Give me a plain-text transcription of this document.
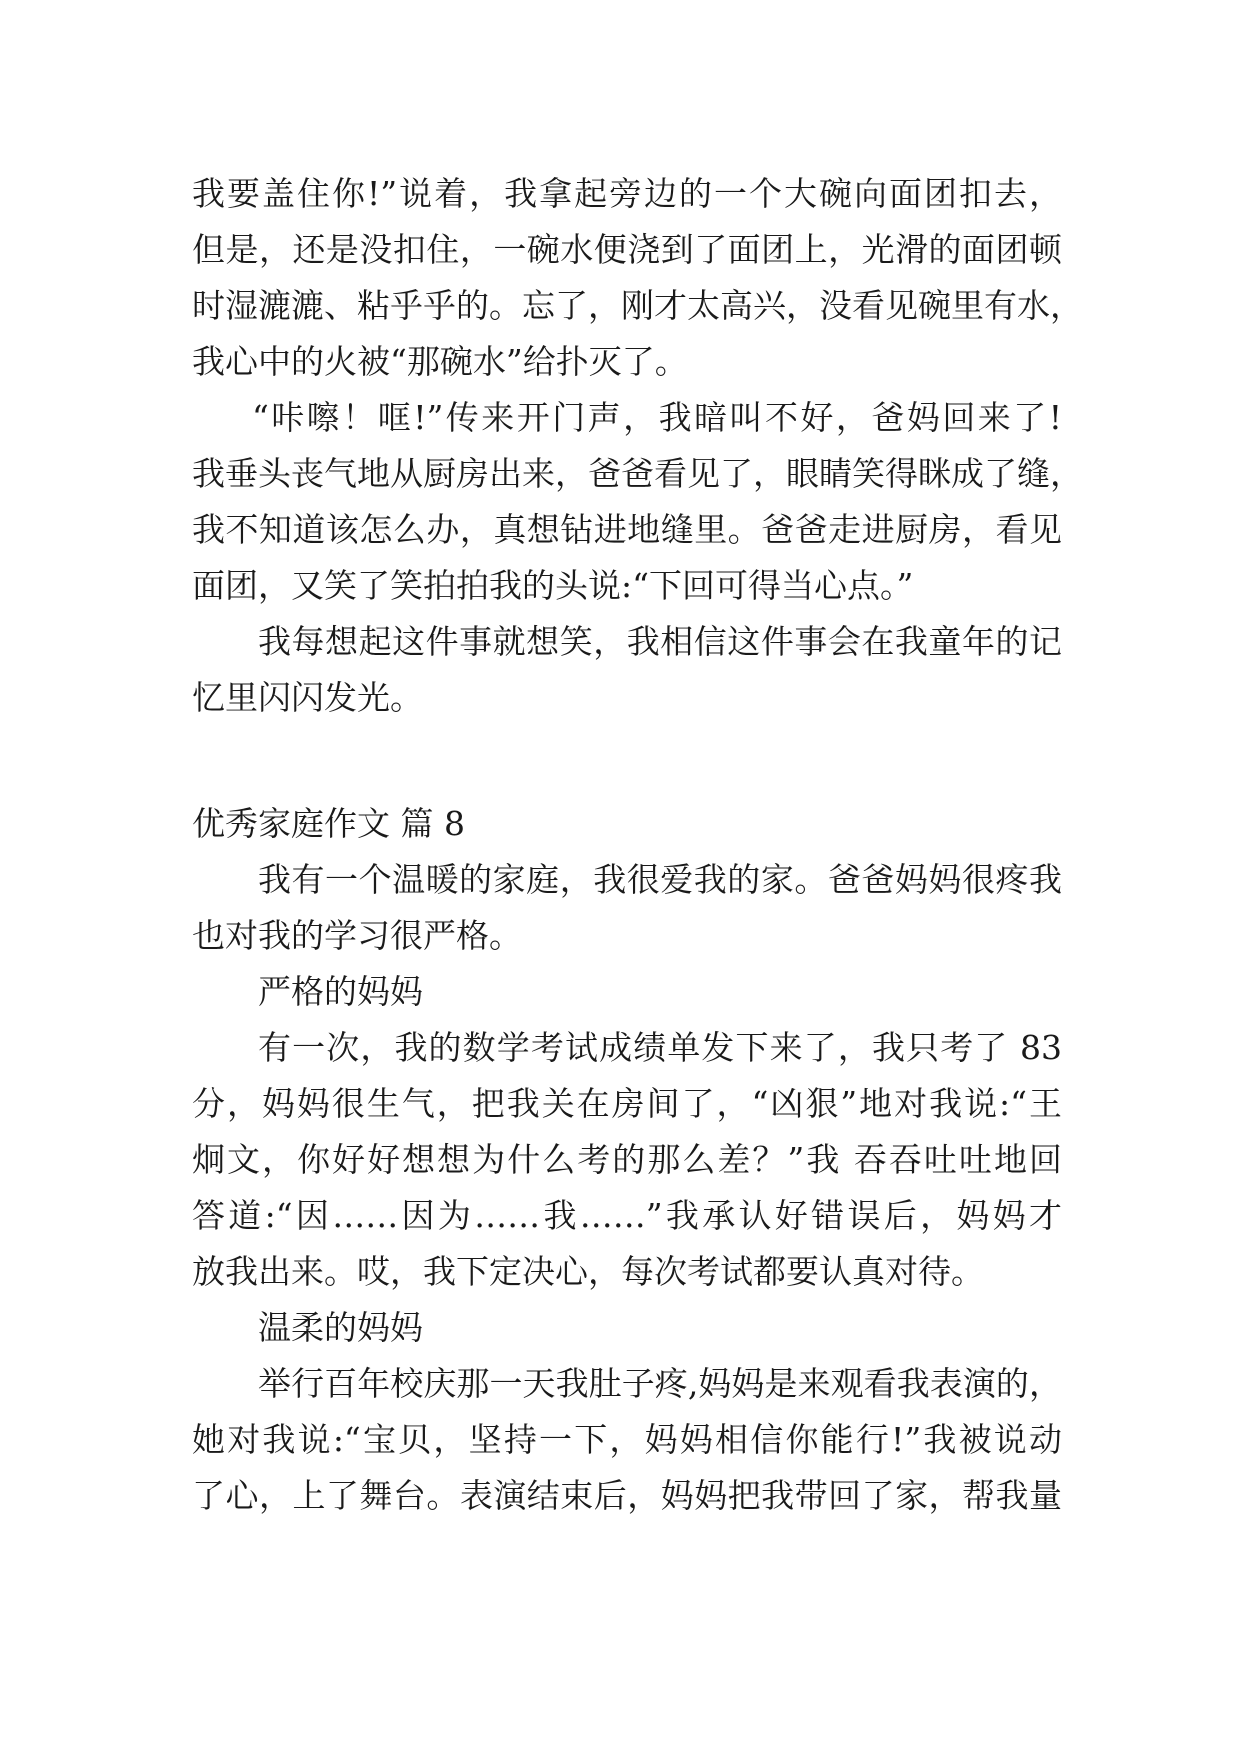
我要盖住你!”说着，我拿起旁边的一个大碗向面团扣去，
但是，还是没扣住，一碗水便浇到了面团上，光滑的面团顿
时湿漉漉、粘乎乎的。忘了，刚才太高兴，没看见碗里有水，
我心中的火被“那碗水”给扑灭了。
“咔嚓！哐!”传来开门声，我暗叫不好，爸妈回来了!
我垂头丧气地从厨房出来，爸爸看见了，眼睛笑得眯成了缝，
我不知道该怎么办，真想钻进地缝里。爸爸走进厨房，看见
面团，又笑了笑拍拍我的头说:“下回可得当心点。”
我每想起这件事就想笑，我相信这件事会在我童年的记
忆里闪闪发光。
优秀家庭作文 篇 8
我有一个温暖的家庭，我很爱我的家。爸爸妈妈很疼我
也对我的学习很严格。
严格的妈妈
有一次，我的数学考试成绩单发下来了，我只考了 83
分，妈妈很生气，把我关在房间了，“凶狠”地对我说:“王
炯文，你好好想想为什么考的那么差？”我 吞吞吐吐地回
答道:“因……因为……我……”我承认好错误后，妈妈才
放我出来。哎，我下定决心，每次考试都要认真对待。
温柔的妈妈
举行百年校庆那一天我肚子疼,妈妈是来观看我表演的，
她对我说:“宝贝，坚持一下，妈妈相信你能行!”我被说动
了心，上了舞台。表演结束后，妈妈把我带回了家，帮我量
